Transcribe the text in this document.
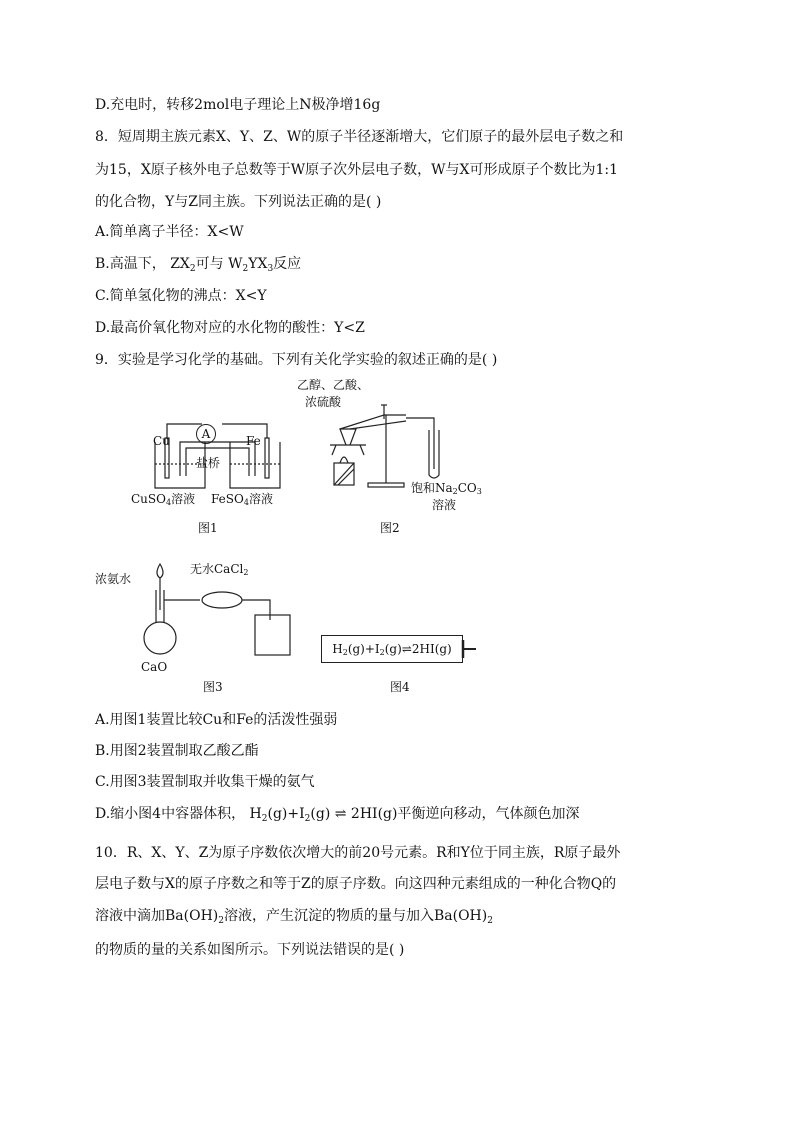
D.充电时，转移2mol电子理论上N极净增16g
8．短周期主族元素X、Y、Z、W的原子半径逐渐增大，它们原子的最外层电子数之和
为15，X原子核外电子总数等于W原子次外层电子数，W与X可形成原子个数比为1:1
的化合物，Y与Z同主族。下列说法正确的是( )
A.简单离子半径：X<W
B.高温下， $ZX_2$可与 $W_2YX_3$反应
C.简单氢化物的沸点：X<Y
D.最高价氧化物对应的水化物的酸性：Y<Z
9．实验是学习化学的基础。下列有关化学实验的叙述正确的是( )
A
Cu	Fe
盐桥
CuSO$_4$溶液 FeSO$_4$溶液
图1
乙醇、乙酸、
浓硫酸
饱和$Na_2CO_3$
溶液
图2
浓氨水
无水CaCl$_2$
CaO
图3
$H_2(g)+I_2(g)\rightleftharpoons 2HI(g)$
图4
A.用图1装置比较Cu和Fe的活泼性强弱
B.用图2装置制取乙酸乙酯
C.用图3装置制取并收集干燥的氨气
D.缩小图4中容器体积， $H_2(g)+I_2(g)$ ⇌ 2HI(g)平衡逆向移动，气体颜色加深
10．R、X、Y、Z为原子序数依次增大的前20号元素。R和Y位于同主族，R原子最外
层电子数与X的原子序数之和等于Z的原子序数。向这四种元素组成的一种化合物Q的
溶液中滴加$Ba(OH)_2$溶液，产生沉淀的物质的量与加入$Ba(OH)_2$
的物质的量的关系如图所示。下列说法错误的是( )
